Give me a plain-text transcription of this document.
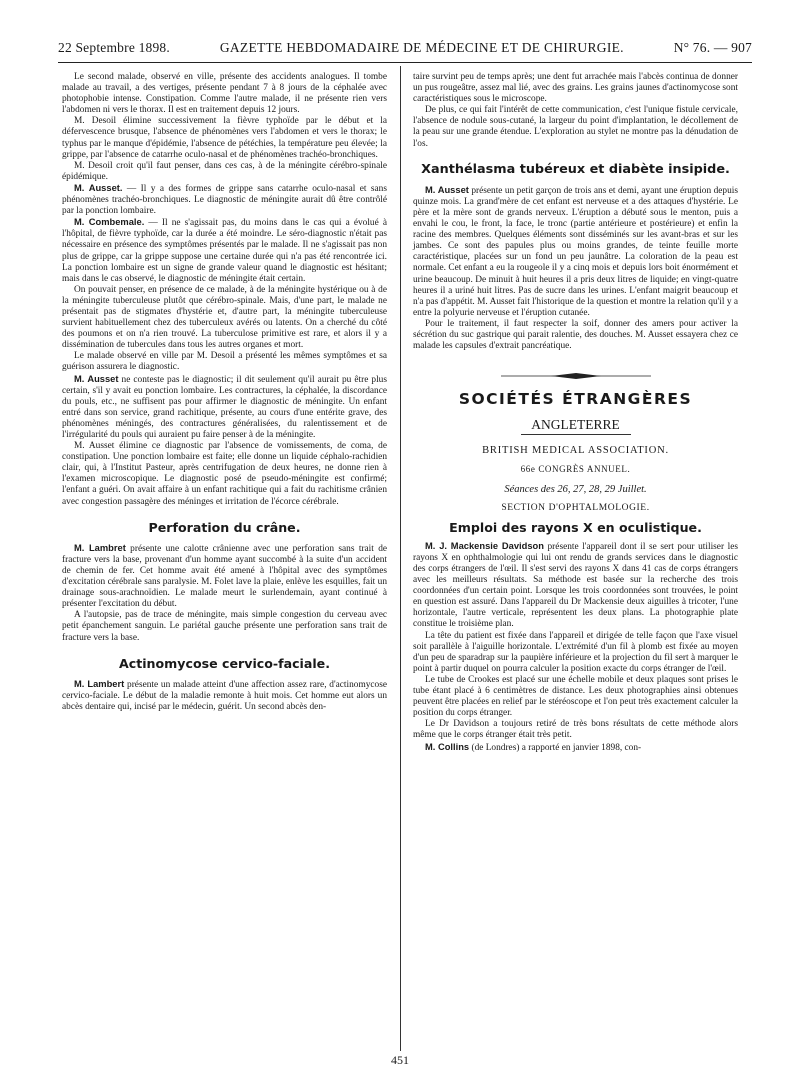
22 Septembre 1898.	GAZETTE HEBDOMADAIRE DE MÉDECINE ET DE CHIRURGIE.	N° 76. — 907

Le second malade, observé en ville, présente des accidents analogues. Il tombe malade au travail, a des vertiges, présente pendant 7 à 8 jours de la céphalée avec photophobie intense. Constipation. Comme l'autre malade, il ne présente rien vers l'abdomen ni vers le thorax. Il est en traitement depuis 12 jours.

M. Desoil élimine successivement la fièvre typhoïde par le début et la défervescence brusque, l'absence de phénomènes vers l'abdomen et vers le thorax; le typhus par le manque d'épidémie, l'absence de pétéchies, la température peu élevée; la grippe, par l'absence de catarrhe oculo-nasal et de phénomènes trachéo-bronchiques.

M. Desoil croit qu'il faut penser, dans ces cas, à de la méningite cérébro-spinale épidémique.

M. Ausset. — Il y a des formes de grippe sans catarrhe oculo-nasal et sans phénomènes trachéo-bronchiques. Le diagnostic de méningite aurait dû être contrôlé par la ponction lombaire.

M. Combemale. — Il ne s'agissait pas, du moins dans le cas qui a évolué à l'hôpital, de fièvre typhoïde, car la durée a été moindre. Le séro-diagnostic n'était pas nécessaire en présence des symptômes présentés par le malade. Il ne s'agissait pas non plus de grippe, car la grippe suppose une certaine durée qui n'a pas été rencontrée ici. La ponction lombaire est un signe de grande valeur quand le diagnostic est hésitant; mais dans le cas observé, le diagnostic de méningite était certain.

On pouvait penser, en présence de ce malade, à de la méningite hystérique ou à de la méningite tuberculeuse plutôt que cérébro-spinale. Mais, d'une part, le malade ne présentait pas de stigmates d'hystérie et, d'autre part, la méningite tuberculeuse survient habituellement chez des tuberculeux avérés ou latents. On a cherché du côté des poumons et on n'a rien trouvé. La tuberculose primitive est rare, et alors il y a dissémination de tubercules dans tous les autres organes et mort.

Le malade observé en ville par M. Desoil a présenté les mêmes symptômes et sa guérison assurera le diagnostic.

M. Ausset ne conteste pas le diagnostic; il dit seulement qu'il aurait pu être plus certain, s'il y avait eu ponction lombaire. Les contractures, la céphalée, la discordance du pouls, etc., ne suffisent pas pour affirmer le diagnostic de méningite. Un enfant entré dans son service, grand rachitique, présente, au cours d'une entérite grave, des phénomènes méningés, des contractures généralisées, du ralentissement et de l'irrégularité du pouls qui auraient pu faire penser à de la méningite.

M. Ausset élimine ce diagnostic par l'absence de vomissements, de coma, de constipation. Une ponction lombaire est faite; elle donne un liquide céphalo-rachidien clair, qui, à l'Institut Pasteur, après centrifugation de deux heures, ne donne rien à l'examen microscopique. Le diagnostic posé de pseudo-méningite est confirmé; l'enfant a guéri. On avait affaire à un enfant rachitique qui a fait du rachitisme crânien avec congestion passagère des méninges et irritation de l'écorce cérébrale.

Perforation du crâne.

M. Lambret présente une calotte crânienne avec une perforation sans trait de fracture vers la base, provenant d'un homme ayant succombé à la suite d'un accident de chemin de fer. Cet homme avait été amené à l'hôpital avec des symptômes d'excitation cérébrale sans paralysie. M. Folet lave la plaie, enlève les esquilles, fait un drainage sous-arachnoïdien. Le malade meurt le surlendemain, ayant continué à présenter l'excitation du début.

A l'autopsie, pas de trace de méningite, mais simple congestion du cerveau avec petit épanchement sanguin. Le pariétal gauche présente une perforation sans trait de fracture vers la base.

Actinomycose cervico-faciale.

M. Lambert présente un malade atteint d'une affection assez rare, d'actinomycose cervico-faciale. Le début de la maladie remonte à huit mois. Cet homme eut alors un abcès dentaire qui, incisé par le médecin, guérit. Un second abcès den-

taire survint peu de temps après; une dent fut arrachée mais l'abcès continua de donner un pus rougeâtre, assez mal lié, avec des grains. Les grains jaunes d'actinomycose sont caractéristiques sous le microscope.

De plus, ce qui fait l'intérêt de cette communication, c'est l'unique fistule cervicale, l'absence de nodule sous-cutané, la largeur du point d'implantation, le décollement de la peau sur une grande étendue. L'exploration au stylet ne montre pas la dénudation de l'os.

Xanthélasma tubéreux et diabète insipide.

M. Ausset présente un petit garçon de trois ans et demi, ayant une éruption depuis quinze mois. La grand'mère de cet enfant est nerveuse et a des attaques d'hystérie. Le père et la mère sont de grands nerveux. L'éruption a débuté sous le menton, puis a envahi le cou, le front, la face, le tronc (partie antérieure et postérieure) et enfin la racine des membres. Quelques éléments sont disséminés sur les avant-bras et sur les jambes. Ce sont des papules plus ou moins grandes, de teinte feuille morte caractéristique, placées sur un fond un peu jaunâtre. La coloration de la peau est normale. Cet enfant a eu la rougeole il y a cinq mois et depuis lors boit énormément et urine beaucoup. De minuit à huit heures il a pris deux litres de liquide; en vingt-quatre heures il a uriné huit litres. Pas de sucre dans les urines. L'enfant maigrit beaucoup et n'a pas d'appétit. M. Ausset fait l'historique de la question et montre la relation qu'il y a entre la polyurie nerveuse et l'éruption cutanée.

Pour le traitement, il faut respecter la soif, donner des amers pour activer la sécrétion du suc gastrique qui parait ralentie, des douches. M. Ausset essayera chez ce malade les capsules d'extrait pancréatique.

SOCIÉTÉS ÉTRANGÈRES
ANGLETERRE
BRITISH MEDICAL ASSOCIATION.
66e CONGRÈS ANNUEL.
Séances des 26, 27, 28, 29 Juillet.
SECTION D'OPHTALMOLOGIE.
Emploi des rayons X en oculistique.

M. J. Mackensie Davidson présente l'appareil dont il se sert pour utiliser les rayons X en ophthalmologie qui lui ont rendu de grands services dans le diagnostic des corps étrangers de l'œil. Il s'est servi des rayons X dans 41 cas de corps étrangers avec les meilleurs résultats. Sa méthode est basée sur la recherche des trois coordonnées d'un certain point. Lorsque les trois coordonnées sont trouvées, le point en question est assuré. Dans l'appareil du Dr Mackensie deux aiguilles à tricoter, l'une horizontale, l'autre verticale, représentent les deux plans. La photographie plate constitue le troisième plan.

La tête du patient est fixée dans l'appareil et dirigée de telle façon que l'axe visuel soit parallèle à l'aiguille horizontale. L'extrémité d'un fil à plomb est fixée au moyen d'un peu de sparadrap sur la paupière inférieure et la projection du fil sert à marquer le point à partir duquel on pourra calculer la position exacte du corps étranger de l'œil.

Le tube de Crookes est placé sur une échelle mobile et deux plaques sont prises le tube étant placé à 6 centimètres de distance. Les deux photographies ainsi obtenues peuvent être placées en relief par le stéréoscope et l'on peut très exactement calculer la position du corps étranger.

Le Dr Davidson a toujours retiré de très bons résultats de cette méthode alors même que le corps étranger était très petit.

M. Collins (de Londres) a rapporté en janvier 1898, con-

451
